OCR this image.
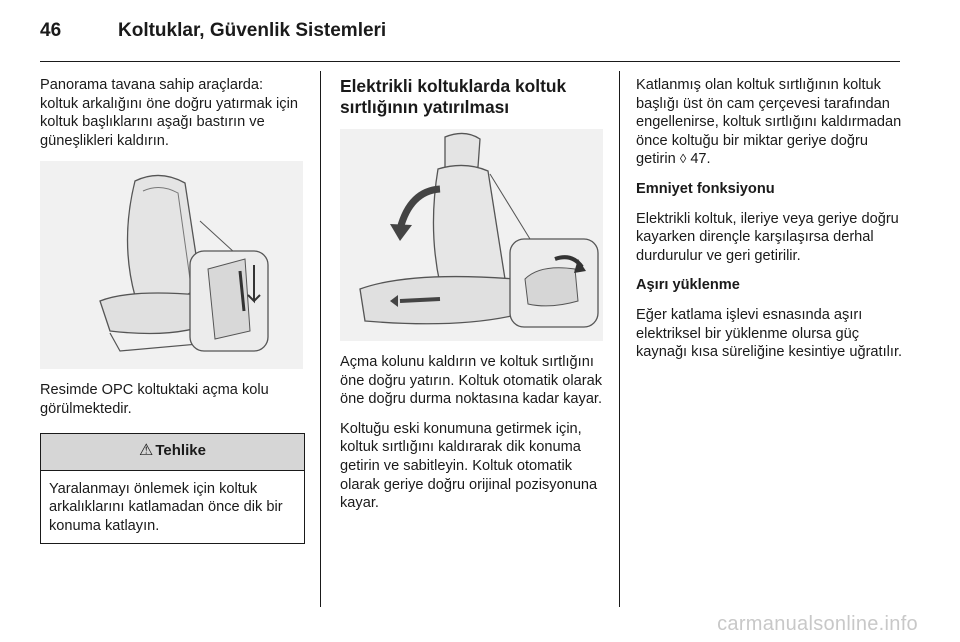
46	Koltuklar, Güvenlik Sistemleri

Panorama tavana sahip araçlarda: koltuk arkalığını öne doğru yatırmak için koltuk başlıklarını aşağı bastırın ve güneşlikleri kaldırın.

Resimde OPC koltuktaki açma kolu görülmektedir.

⚠ Tehlike
Yaralanmayı önlemek için koltuk arkalıklarını katlamadan önce dik bir konuma katlayın.

Elektrikli koltuklarda koltuk sırtlığının yatırılması

Açma kolunu kaldırın ve koltuk sırtlığını öne doğru yatırın. Koltuk otomatik olarak öne doğru durma noktasına kadar kayar.

Koltuğu eski konumuna getirmek için, koltuk sırtlığını kaldırarak dik konuma getirin ve sabitleyin. Koltuk otomatik olarak geriye doğru orijinal pozisyonuna kayar.

Katlanmış olan koltuk sırtlığının koltuk başlığı üst ön cam çerçevesi tarafından engellenirse, koltuk sırtlığını kaldırmadan önce koltuğu bir miktar geriye doğru getirin ◊ 47.

Emniyet fonksiyonu

Elektrikli koltuk, ileriye veya geriye doğru kayarken dirençle karşılaşırsa derhal durdurulur ve geri getirilir.

Aşırı yüklenme

Eğer katlama işlevi esnasında aşırı elektriksel bir yüklenme olursa güç kaynağı kısa süreliğine kesintiye uğratılır.

carmanualsonline.info
